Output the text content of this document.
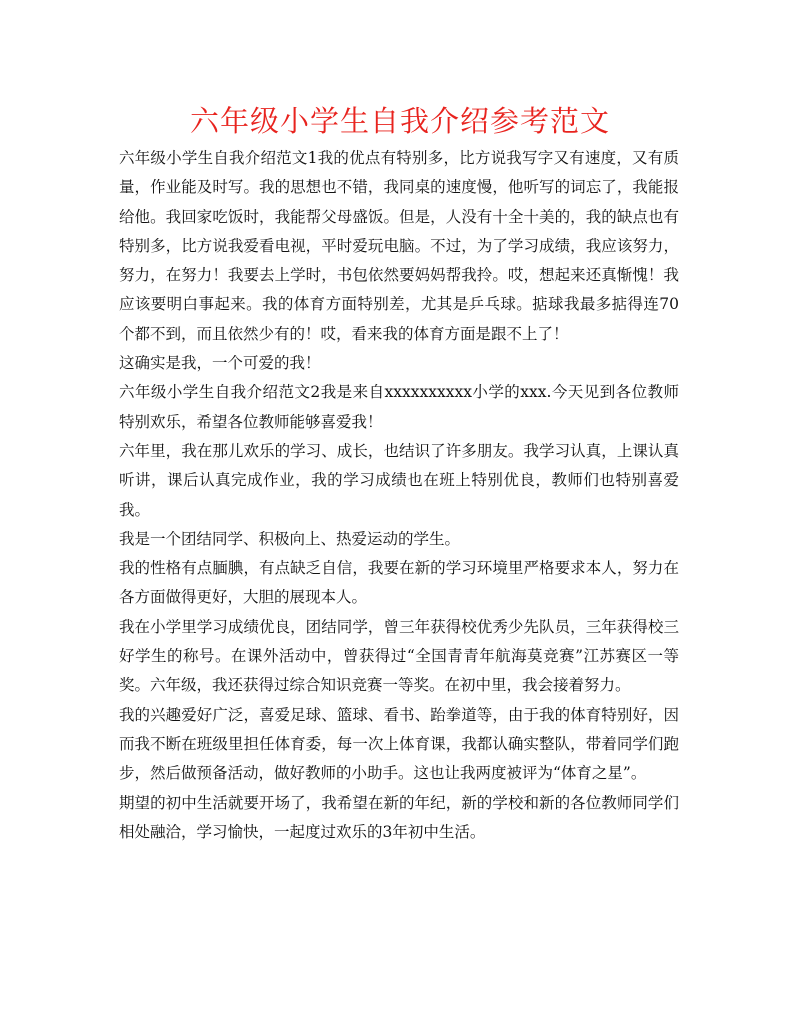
六年级小学生自我介绍参考范文

六年级小学生自我介绍范文1我的优点有特别多，比方说我写字又有速度，又有质量，作业能及时写。我的思想也不错，我同桌的速度慢，他听写的词忘了，我能报给他。我回家吃饭时，我能帮父母盛饭。但是，人没有十全十美的，我的缺点也有特别多，比方说我爱看电视，平时爱玩电脑。不过，为了学习成绩，我应该努力，努力，在努力！我要去上学时，书包依然要妈妈帮我拎。哎，想起来还真惭愧！我应该要明白事起来。我的体育方面特别差，尤其是乒乓球。掂球我最多掂得连70个都不到，而且依然少有的！哎，看来我的体育方面是跟不上了！

这确实是我，一个可爱的我！

六年级小学生自我介绍范文2我是来自xxxxxxxxxx小学的xxx.今天见到各位教师特别欢乐，希望各位教师能够喜爱我！

六年里，我在那儿欢乐的学习、成长，也结识了许多朋友。我学习认真，上课认真听讲，课后认真完成作业，我的学习成绩也在班上特别优良，教师们也特别喜爱我。

我是一个团结同学、积极向上、热爱运动的学生。

我的性格有点腼腆，有点缺乏自信，我要在新的学习环境里严格要求本人，努力在各方面做得更好，大胆的展现本人。

我在小学里学习成绩优良，团结同学，曾三年获得校优秀少先队员，三年获得校三好学生的称号。在课外活动中，曾获得过“全国青青年航海莫竞赛”江苏赛区一等奖。六年级，我还获得过综合知识竞赛一等奖。在初中里，我会接着努力。

我的兴趣爱好广泛，喜爱足球、篮球、看书、跆拳道等，由于我的体育特别好，因而我不断在班级里担任体育委，每一次上体育课，我都认确实整队，带着同学们跑步，然后做预备活动，做好教师的小助手。这也让我两度被评为“体育之星”。

期望的初中生活就要开场了，我希望在新的年纪，新的学校和新的各位教师同学们相处融洽，学习愉快，一起度过欢乐的3年初中生活。
